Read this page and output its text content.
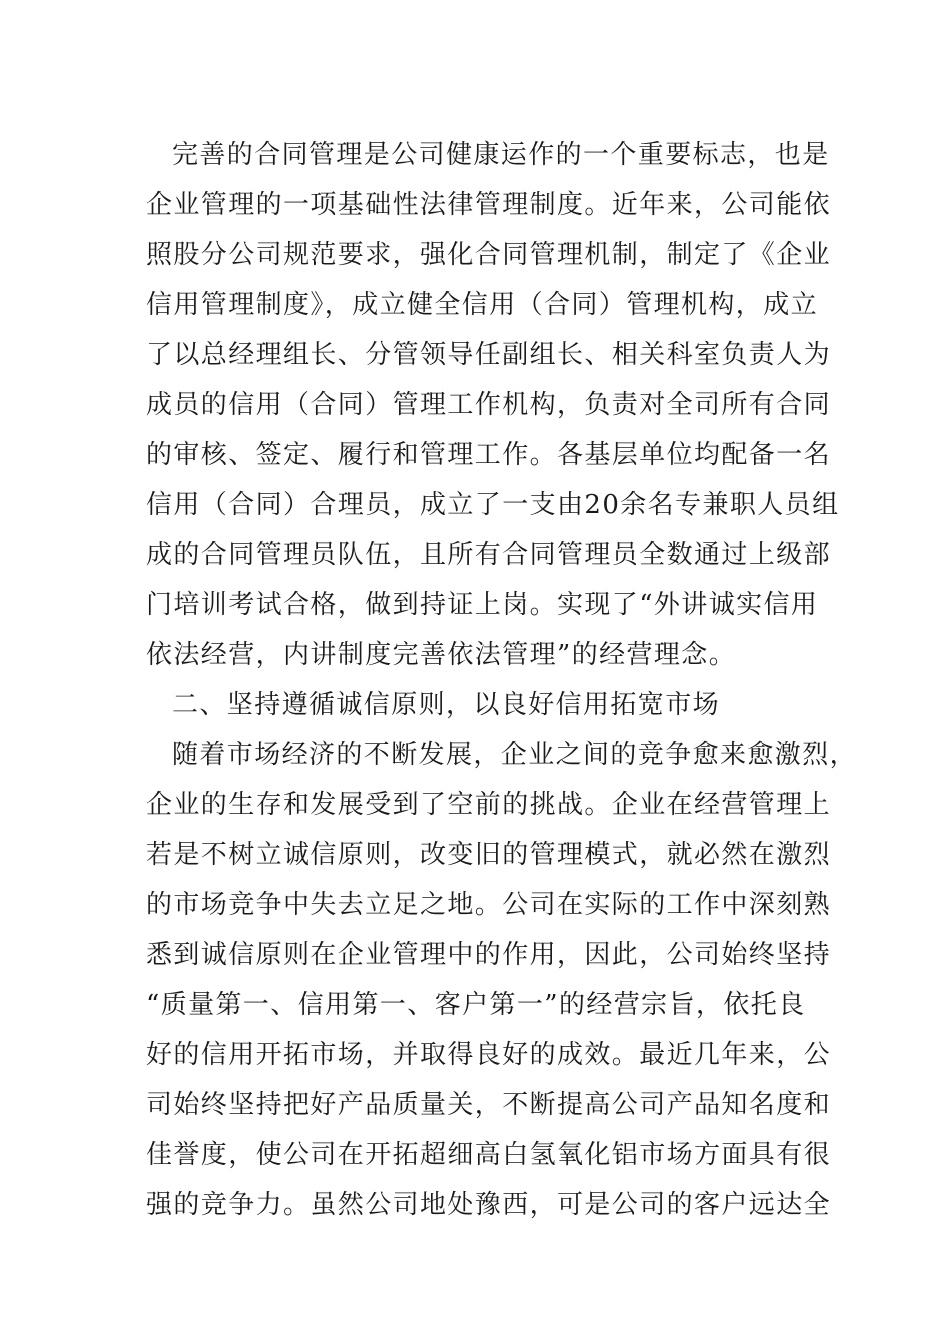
完善的合同管理是公司健康运作的一个重要标志，也是
企业管理的一项基础性法律管理制度。近年来，公司能依
照股分公司规范要求，强化合同管理机制，制定了《企业
信用管理制度》，成立健全信用（合同）管理机构，成立
了以总经理组长、分管领导任副组长、相关科室负责人为
成员的信用（合同）管理工作机构，负责对全司所有合同
的审核、签定、履行和管理工作。各基层单位均配备一名
信用（合同）合理员，成立了一支由20余名专兼职人员组
成的合同管理员队伍，且所有合同管理员全数通过上级部
门培训考试合格，做到持证上岗。实现了“外讲诚实信用
依法经营，内讲制度完善依法管理”的经营理念。
二、坚持遵循诚信原则，以良好信用拓宽市场
随着市场经济的不断发展，企业之间的竞争愈来愈激烈，
企业的生存和发展受到了空前的挑战。企业在经营管理上
若是不树立诚信原则，改变旧的管理模式，就必然在激烈
的市场竞争中失去立足之地。公司在实际的工作中深刻熟
悉到诚信原则在企业管理中的作用，因此，公司始终坚持
“质量第一、信用第一、客户第一”的经营宗旨，依托良
好的信用开拓市场，并取得良好的成效。最近几年来，公
司始终坚持把好产品质量关，不断提高公司产品知名度和
佳誉度，使公司在开拓超细高白氢氧化铝市场方面具有很
强的竞争力。虽然公司地处豫西，可是公司的客户远达全
